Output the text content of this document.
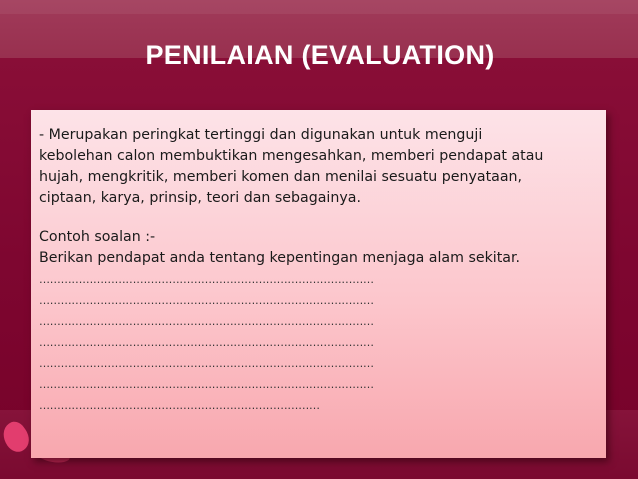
PENILAIAN (EVALUATION)
- Merupakan peringkat tertinggi dan digunakan untuk menguji
kebolehan calon membuktikan mengesahkan, memberi pendapat atau
hujah, mengkritik, memberi komen dan menilai sesuatu penyataan,
ciptaan, karya, prinsip, teori dan sebagainya.
Contoh soalan :-
Berikan pendapat anda tentang kepentingan menjaga alam sekitar.
…………………………………………………………………………………
…………………………………………………………………………………
…………………………………………………………………………………
…………………………………………………………………………………
…………………………………………………………………………………
…………………………………………………………………………………
……………………………………………………………………
